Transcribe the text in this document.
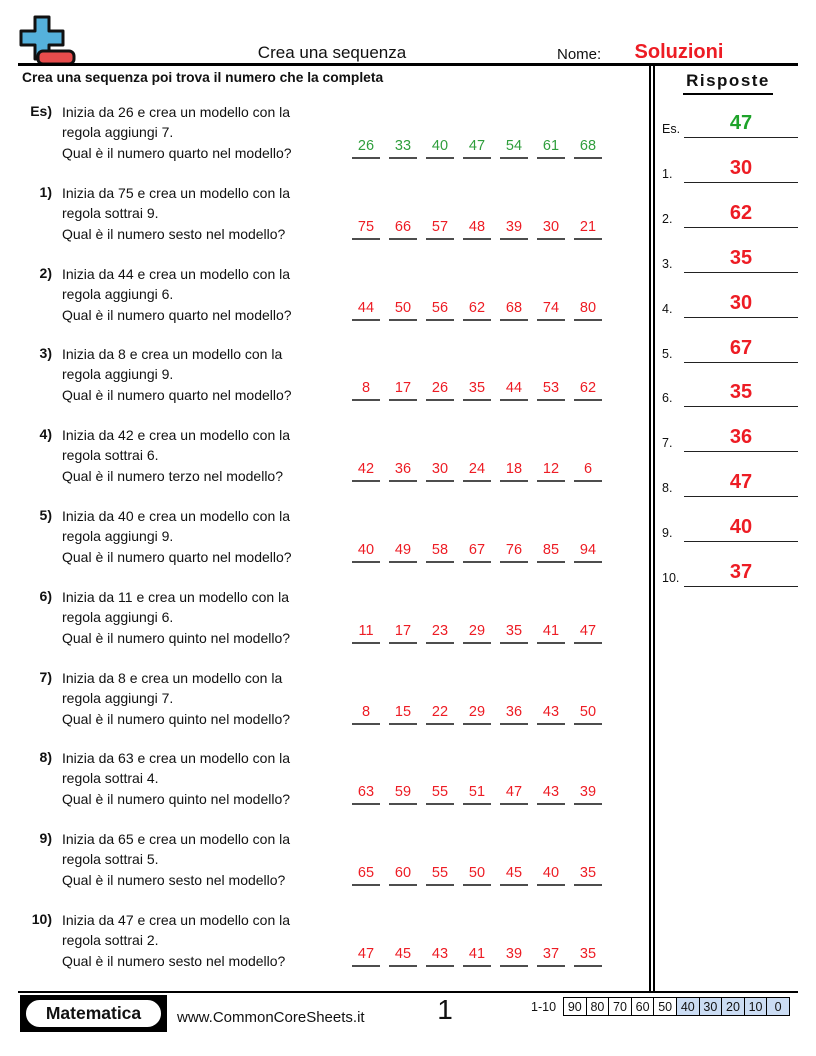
Crea una sequenza	Nome:	Soluzioni
Crea una sequenza poi trova il numero che la completa	Risposte
Es) Inizia da 26 e crea un modello con la
regola aggiungi 7.
Qual è il numero quarto nel modello?	26	33	40	47	54	61	68
1) Inizia da 75 e crea un modello con la
regola sottrai 9.
Qual è il numero sesto nel modello?	75	66	57	48	39	30	21
2) Inizia da 44 e crea un modello con la
regola aggiungi 6.
Qual è il numero quarto nel modello?	44	50	56	62	68	74	80
3) Inizia da 8 e crea un modello con la
regola aggiungi 9.
Qual è il numero quarto nel modello?	8	17	26	35	44	53	62
4) Inizia da 42 e crea un modello con la
regola sottrai 6.
Qual è il numero terzo nel modello?	42	36	30	24	18	12	6
5) Inizia da 40 e crea un modello con la
regola aggiungi 9.
Qual è il numero quarto nel modello?	40	49	58	67	76	85	94
6) Inizia da 11 e crea un modello con la
regola aggiungi 6.
Qual è il numero quinto nel modello?	11	17	23	29	35	41	47
7) Inizia da 8 e crea un modello con la
regola aggiungi 7.
Qual è il numero quinto nel modello?	8	15	22	29	36	43	50
8) Inizia da 63 e crea un modello con la
regola sottrai 4.
Qual è il numero quinto nel modello?	63	59	55	51	47	43	39
9) Inizia da 65 e crea un modello con la
regola sottrai 5.
Qual è il numero sesto nel modello?	65	60	55	50	45	40	35
10) Inizia da 47 e crea un modello con la
regola sottrai 2.
Qual è il numero sesto nel modello?	47	45	43	41	39	37	35
Es.	47
1.	30
2.	62
3.	35
4.	30
5.	67
6.	35
7.	36
8.	47
9.	40
10.	37
Matematica	www.CommonCoreSheets.it	1	1-10 90 80 70 60 50 40 30 20 10 0
